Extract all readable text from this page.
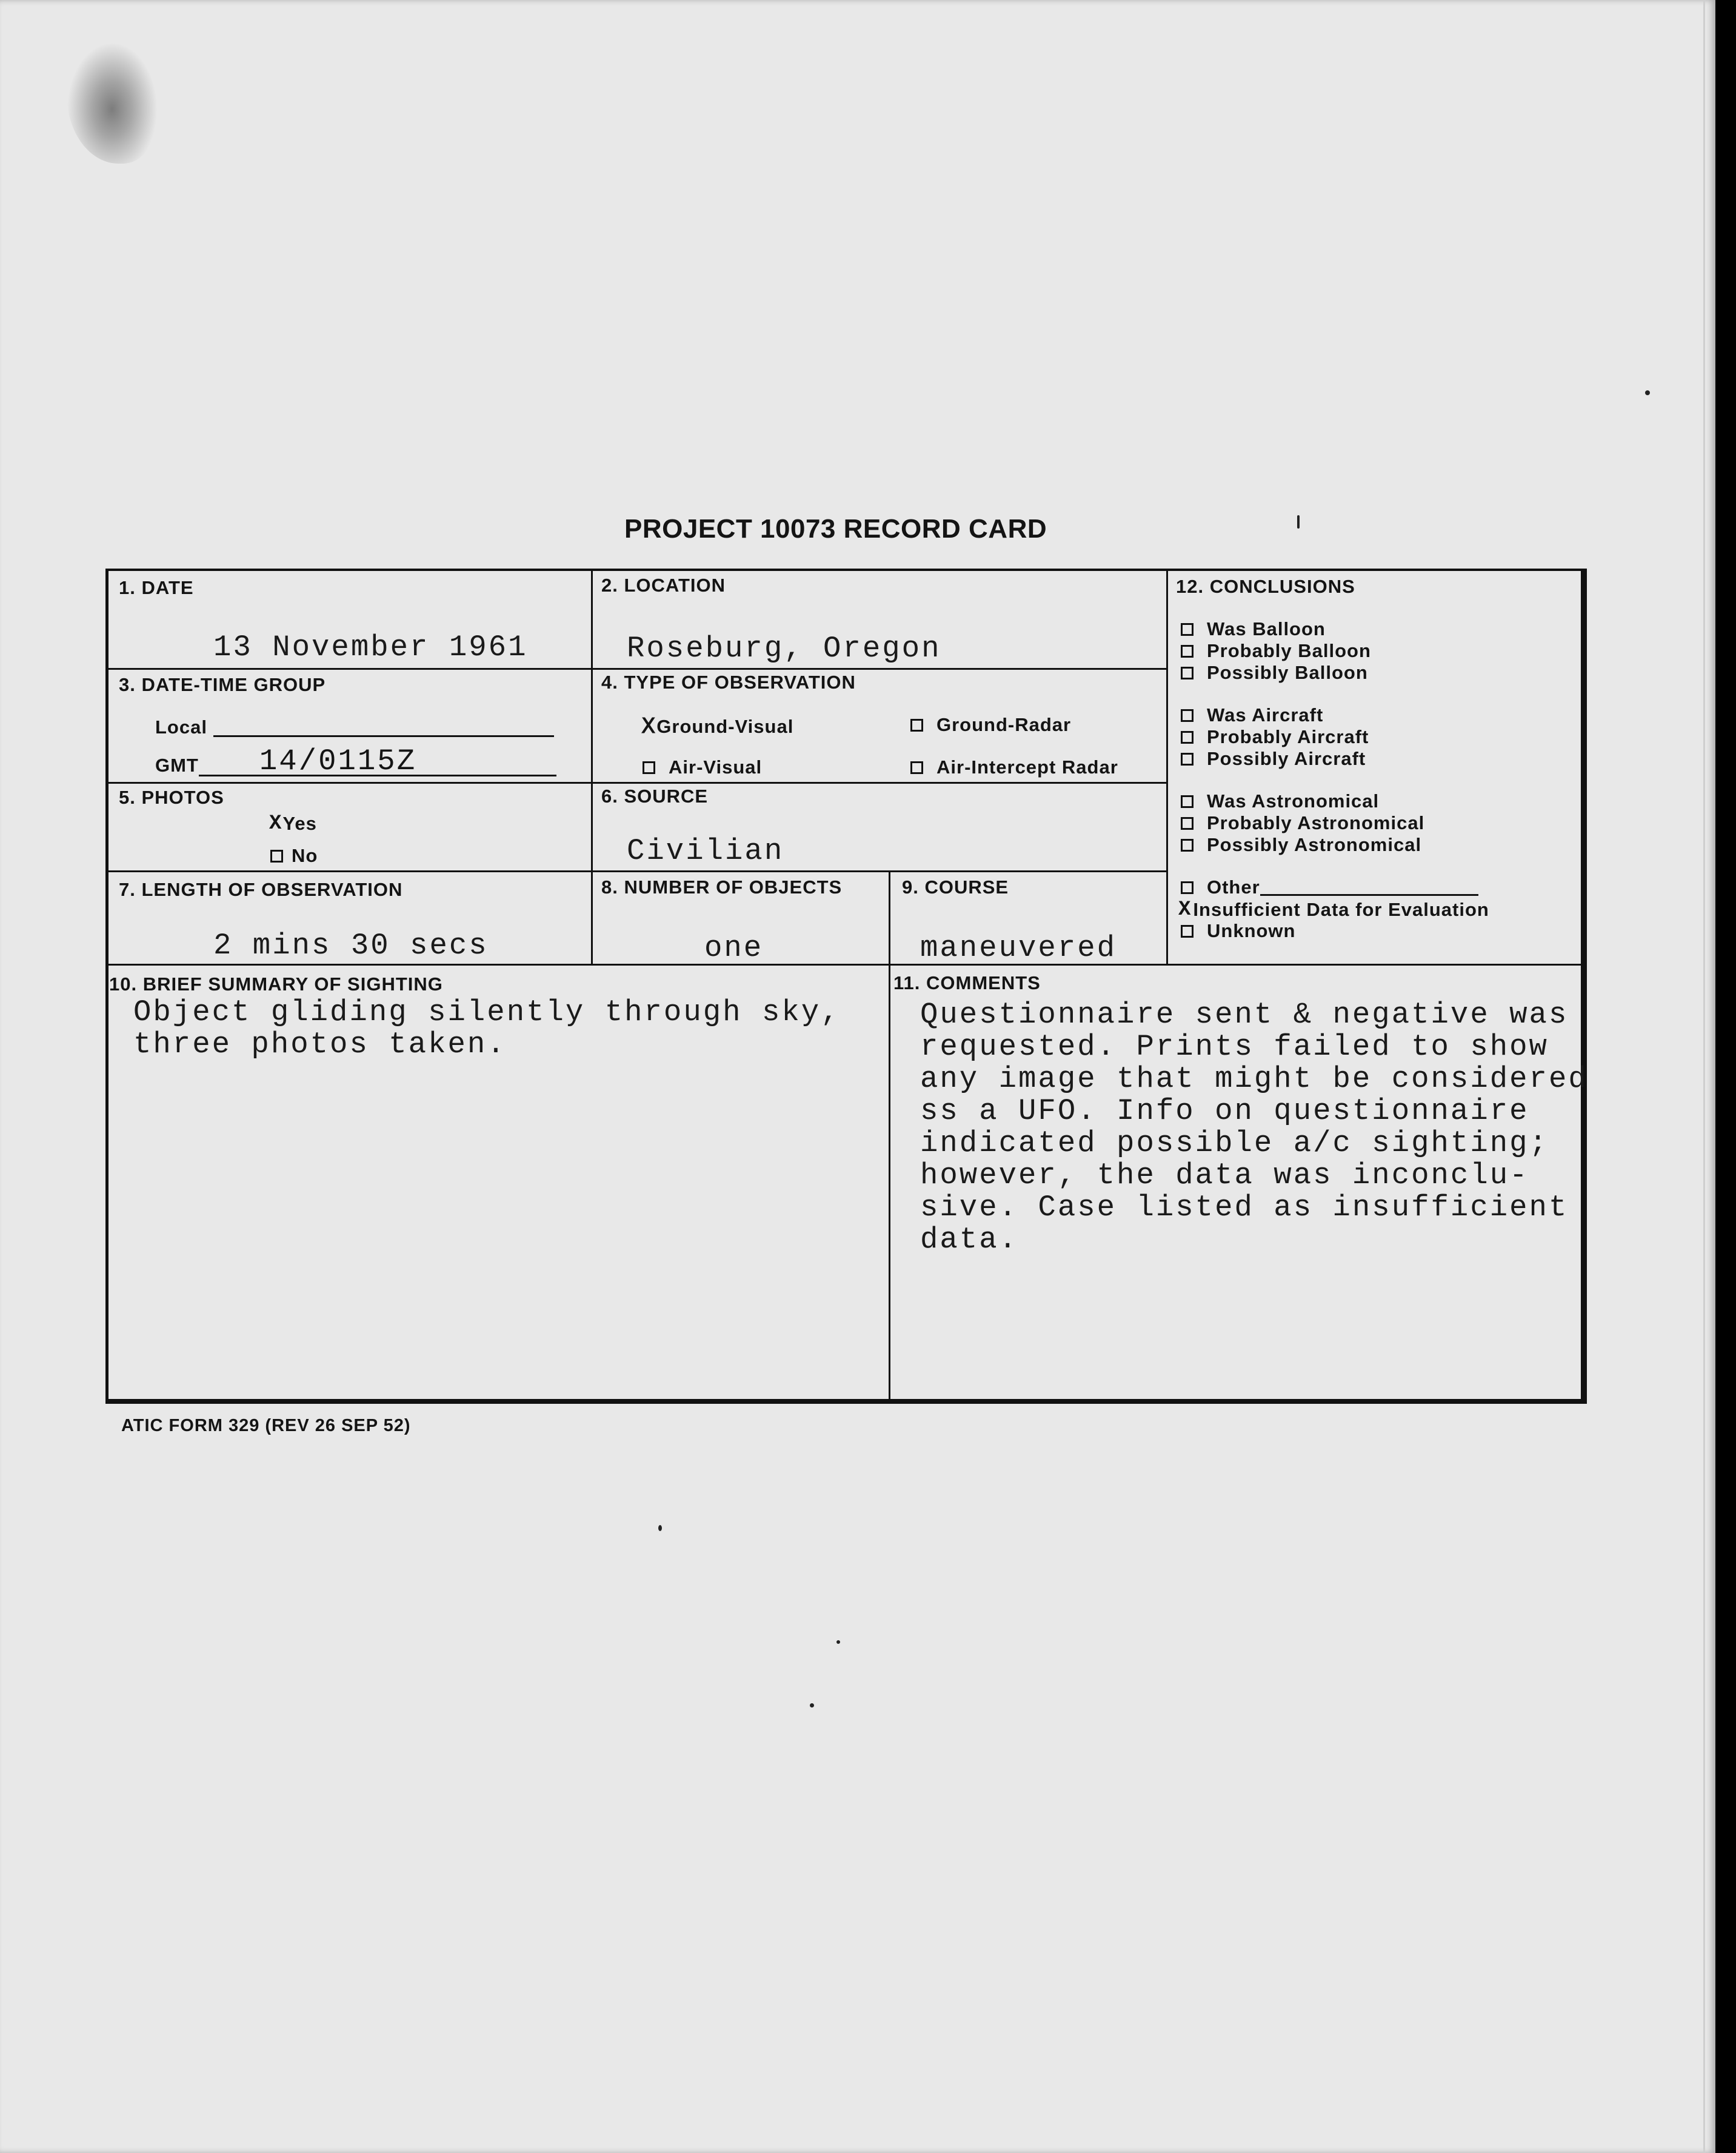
PROJECT 10073 RECORD CARD
1. DATE
13 November 1961
2. LOCATION
Roseburg, Oregon
3. DATE-TIME GROUP
Local
GMT 14/0115Z
4. TYPE OF OBSERVATION
Ⅹ Ground-Visual	Ground-Radar
Air-Visual	Air-Intercept Radar
5. PHOTOS
X Yes
No
6. SOURCE
Civilian
7. LENGTH OF OBSERVATION
2 mins 30 secs
8. NUMBER OF OBJECTS
one
9. COURSE
maneuvered
10. BRIEF SUMMARY OF SIGHTING
Object gliding silently through sky,
three photos taken.
11. COMMENTS
Questionnaire sent & negative was
requested. Prints failed to show
any image that might be considered
ss a UFO. Info on questionnaire
indicated possible a/c sighting;
however, the data was inconclu-
sive. Case listed as insufficient
data.
12. CONCLUSIONS
Was Balloon
Probably Balloon
Possibly Balloon
Was Aircraft
Probably Aircraft
Possibly Aircraft
Was Astronomical
Probably Astronomical
Possibly Astronomical
Other
X Insufficient Data for Evaluation
Unknown
ATIC FORM 329 (REV 26 SEP 52)
